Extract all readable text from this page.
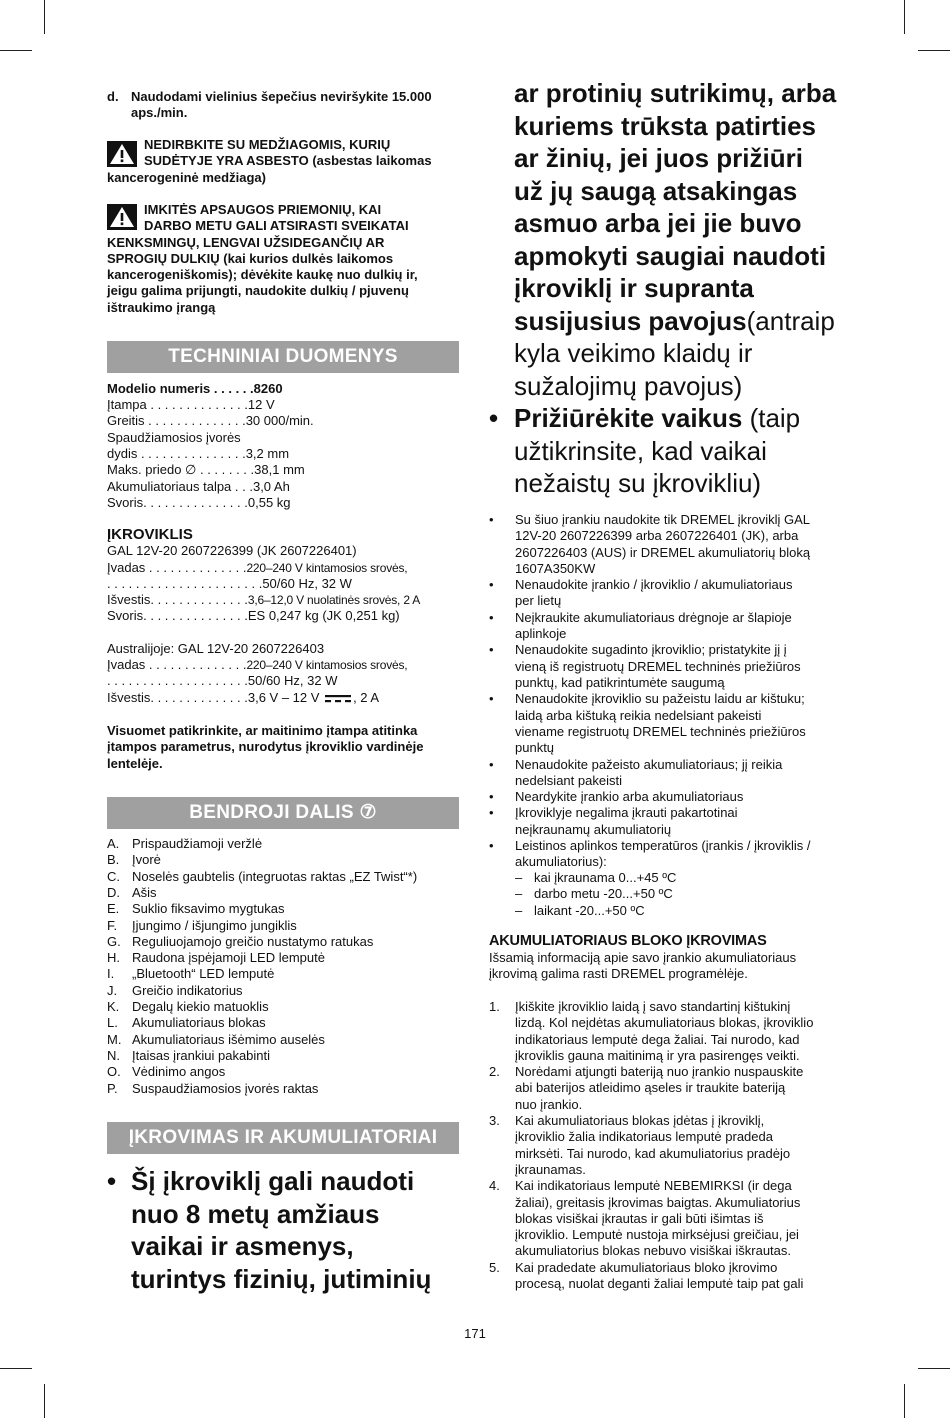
d. Naudodami vielinius šepečius neviršykite 15.000 aps./min.
NEDIRBKITE SU MEDŽIAGOMIS, KURIŲ
SUDĖTYJE YRA ASBESTO (asbestas laikomas
kancerogeninė medžiaga)
IMKITĖS APSAUGOS PRIEMONIŲ, KAI
DARBO METU GALI ATSIRASTI SVEIKATAI
KENKSMINGŲ, LENGVAI UŽSIDEGANČIŲ AR
SPROGIŲ DULKIŲ (kai kurios dulkės laikomos
kancerogeniškomis); dėvėkite kaukę nuo dulkių ir,
jeigu galima prijungti, naudokite dulkių / pjuvenų
ištraukimo įrangą
TECHNINIAI DUOMENYS
Modelio numeris . . . . . .8260
Įtampa . . . . . . . . . . . . . .12 V
Greitis . . . . . . . . . . . . . .30 000/min.
Spaudžiamosios įvorės
dydis . . . . . . . . . . . . . . .3,2 mm
Maks. priedo ∅ . . . . . . . .38,1 mm
Akumuliatoriaus talpa . . .3,0 Ah
Svoris. . . . . . . . . . . . . . .0,55 kg
ĮKROVIKLIS
GAL 12V-20 2607226399 (JK 2607226401)
Įvadas . . . . . . . . . . . . . .220–240 V kintamosios srovės,
. . . . . . . . . . . . . . . . . . . . . .50/60 Hz, 32 W
Išvestis. . . . . . . . . . . . . .3,6–12,0 V nuolatinės srovės, 2 A
Svoris. . . . . . . . . . . . . . .ES 0,247 kg (JK 0,251 kg)
Australijoje: GAL 12V-20 2607226403
Įvadas . . . . . . . . . . . . . .220–240 V kintamosios srovės,
. . . . . . . . . . . . . . . . . . . .50/60 Hz, 32 W
Išvestis. . . . . . . . . . . . . .3,6 V – 12 V	, 2 A
Visuomet patikrinkite, ar maitinimo įtampa atitinka įtampos parametrus, nurodytus įkroviklio vardinėje lentelėje.
BENDROJI DALIS ⑦
A. Prispaudžiamoji veržlė
B. Įvorė
C. Noselės gaubtelis (integruotas raktas „EZ Twist“*)
D. Ašis
E. Suklio fiksavimo mygtukas
F. Įjungimo / išjungimo jungiklis
G. Reguliuojamojo greičio nustatymo ratukas
H. Raudona įspėjamoji LED lemputė
I. „Bluetooth“ LED lemputė
J. Greičio indikatorius
K. Degalų kiekio matuoklis
L. Akumuliatoriaus blokas
M. Akumuliatoriaus išėmimo auselės
N. Įtaisas įrankiui pakabinti
O. Vėdinimo angos
P. Suspaudžiamosios įvorės raktas
ĮKROVIMAS IR AKUMULIATORIAI
• Šį įkroviklį gali naudoti
nuo 8 metų amžiaus
vaikai ir asmenys,
turintys fizinių, jutiminių
ar protinių sutrikimų, arba
kuriems trūksta patirties
ar žinių, jei juos prižiūri
už jų saugą atsakingas
asmuo arba jei jie buvo
apmokyti saugiai naudoti
įkroviklį ir supranta
susijusius pavojus(antraip
kyla veikimo klaidų ir
sužalojimų pavojus)
• Prižiūrėkite vaikus (taip
užtikrinsite, kad vaikai
nežaistų su įkrovikliu)
• Su šiuo įrankiu naudokite tik DREMEL įkroviklį GAL
12V-20 2607226399 arba 2607226401 (JK), arba
2607226403 (AUS) ir DREMEL akumuliatorių bloką
1607A350KW
• Nenaudokite įrankio / įkroviklio / akumuliatoriaus
per lietų
• Neįkraukite akumuliatoriaus drėgnoje ar šlapioje
aplinkoje
• Nenaudokite sugadinto įkroviklio; pristatykite jį į
vieną iš registruotų DREMEL techninės priežiūros
punktų, kad patikrintumėte saugumą
• Nenaudokite įkroviklio su pažeistu laidu ar kištuku;
laidą arba kištuką reikia nedelsiant pakeisti
viename registruotų DREMEL techninės priežiūros
punktų
• Nenaudokite pažeisto akumuliatoriaus; jį reikia
nedelsiant pakeisti
• Neardykite įrankio arba akumuliatoriaus
• Įkroviklyje negalima įkrauti pakartotinai
neįkraunamų akumuliatorių
• Leistinos aplinkos temperatūros (įrankis / įkroviklis /
akumuliatorius):
– kai įkraunama 0...+45 ºC
– darbo metu -20...+50 ºC
– laikant -20...+50 ºC
AKUMULIATORIAUS BLOKO ĮKROVIMAS
Išsamią informaciją apie savo įrankio akumuliatoriaus
įkrovimą galima rasti DREMEL programėlėje.
1. Įkiškite įkroviklio laidą į savo standartinį kištukinį
lizdą. Kol neįdėtas akumuliatoriaus blokas, įkroviklio
indikatoriaus lemputė dega žaliai. Tai nurodo, kad
įkroviklis gauna maitinimą ir yra pasirengęs veikti.
2. Norėdami atjungti bateriją nuo įrankio nuspauskite
abi baterijos atleidimo ąseles ir traukite bateriją
nuo įrankio.
3. Kai akumuliatoriaus blokas įdėtas į įkroviklį,
įkroviklio žalia indikatoriaus lemputė pradeda
mirksėti. Tai nurodo, kad akumuliatorius pradėjo
įkraunamas.
4. Kai indikatoriaus lemputė NEBEMIRKSI (ir dega
žaliai), greitasis įkrovimas baigtas. Akumuliatorius
blokas visiškai įkrautas ir gali būti išimtas iš
įkroviklio. Lemputė nustoja mirksėjusi greičiau, jei
akumuliatorius blokas nebuvo visiškai iškrautas.
5. Kai pradedate akumuliatoriaus bloko įkrovimo
procesą, nuolat deganti žaliai lemputė taip pat gali
171
